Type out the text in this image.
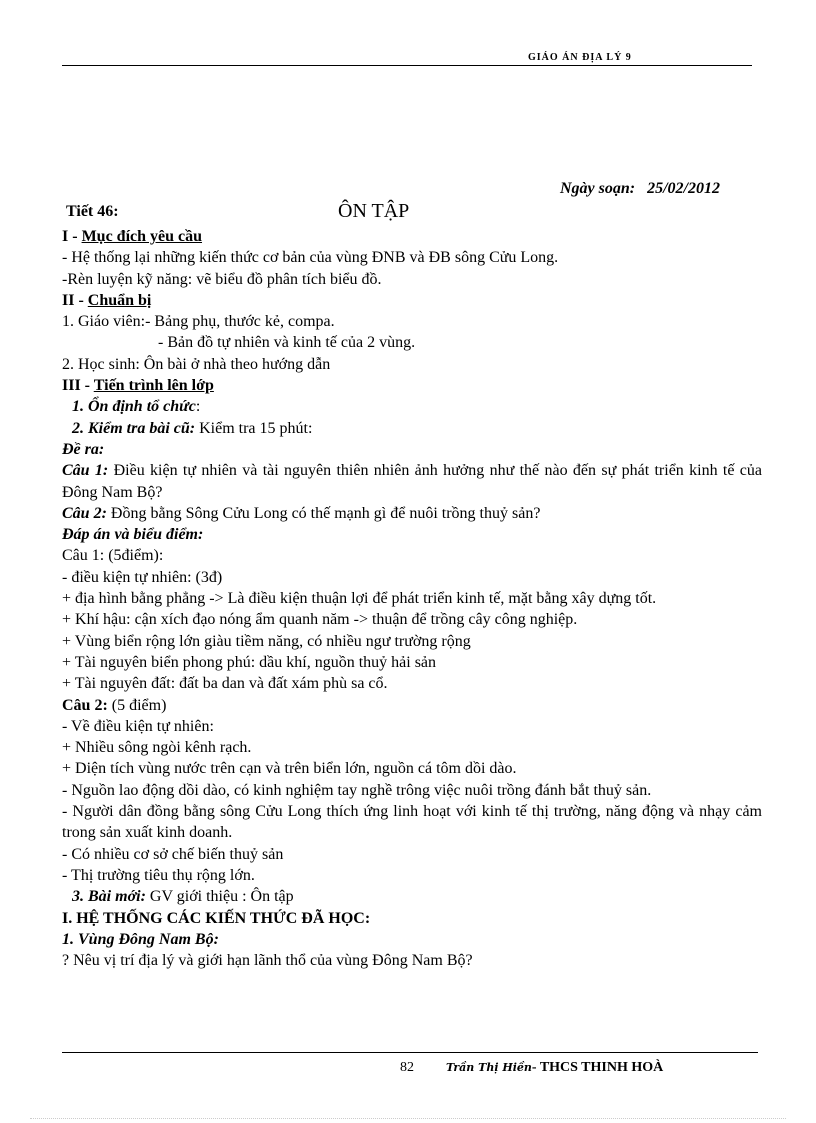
GIÁO ÁN ĐỊA LÝ 9
Ngày soạn: 25/02/2012
Tiết 46:	ÔN TẬP

I - Mục đích yêu cầu

- Hệ thống lại những kiến thức cơ bản của vùng ĐNB và ĐB sông Cửu Long.

-Rèn luyện kỹ năng: vẽ biểu đồ phân tích biểu đồ.

II - Chuẩn bị

1. Giáo viên:- Bảng phụ, thước kẻ, compa.

- Bản đồ tự nhiên và kinh tế của 2 vùng.

2. Học sinh: Ôn bài ở nhà theo hướng dẫn

III - Tiến trình lên lớp

1. Ổn định tổ chức:

2. Kiểm tra bài cũ: Kiểm tra 15 phút:

Đề ra:

Câu 1: Điều kiện tự nhiên và tài nguyên thiên nhiên ảnh hưởng như thế nào đến sự phát triển kinh tế của Đông Nam Bộ?

Câu 2: Đồng bằng Sông Cửu Long có thế mạnh gì để nuôi trồng thuỷ sản?

Đáp án và biểu điểm:

Câu 1: (5điểm):

- điều kiện tự nhiên: (3đ)

+ địa hình bằng phẳng -> Là điều kiện thuận lợi để phát triển kinh tế, mặt bằng xây dựng tốt.

+ Khí hậu: cận xích đạo nóng ẩm quanh năm -> thuận để trồng cây công nghiệp.

+ Vùng biển rộng lớn giàu tiềm năng, có nhiều ngư trường rộng

+ Tài nguyên biển phong phú: dầu khí, nguồn thuỷ hải sản

+ Tài nguyên đất: đất ba dan và đất xám phù sa cổ.

Câu 2: (5 điểm)

- Về điều kiện tự nhiên:

+ Nhiều sông ngòi kênh rạch.

+ Diện tích vùng nước trên cạn và trên biển lớn, nguồn cá tôm dồi dào.

- Nguồn lao động dồi dào, có kinh nghiệm tay nghề trông việc nuôi trồng đánh bắt thuỷ sản.

- Người dân đồng bằng sông Cửu Long thích ứng linh hoạt với kinh tế thị trường, năng động và nhạy cảm trong sản xuất kinh doanh.

- Có nhiều cơ sở chế biến thuỷ sản

- Thị trường tiêu thụ rộng lớn.

3. Bài mới: GV giới thiệu : Ôn tập

I. HỆ THỐNG CÁC KIẾN THỨC ĐÃ HỌC:

1. Vùng Đông Nam Bộ:

? Nêu vị trí địa lý và giới hạn lãnh thổ của vùng Đông Nam Bộ?

82	Trần Thị Hiền- THCS THINH HOÀ
